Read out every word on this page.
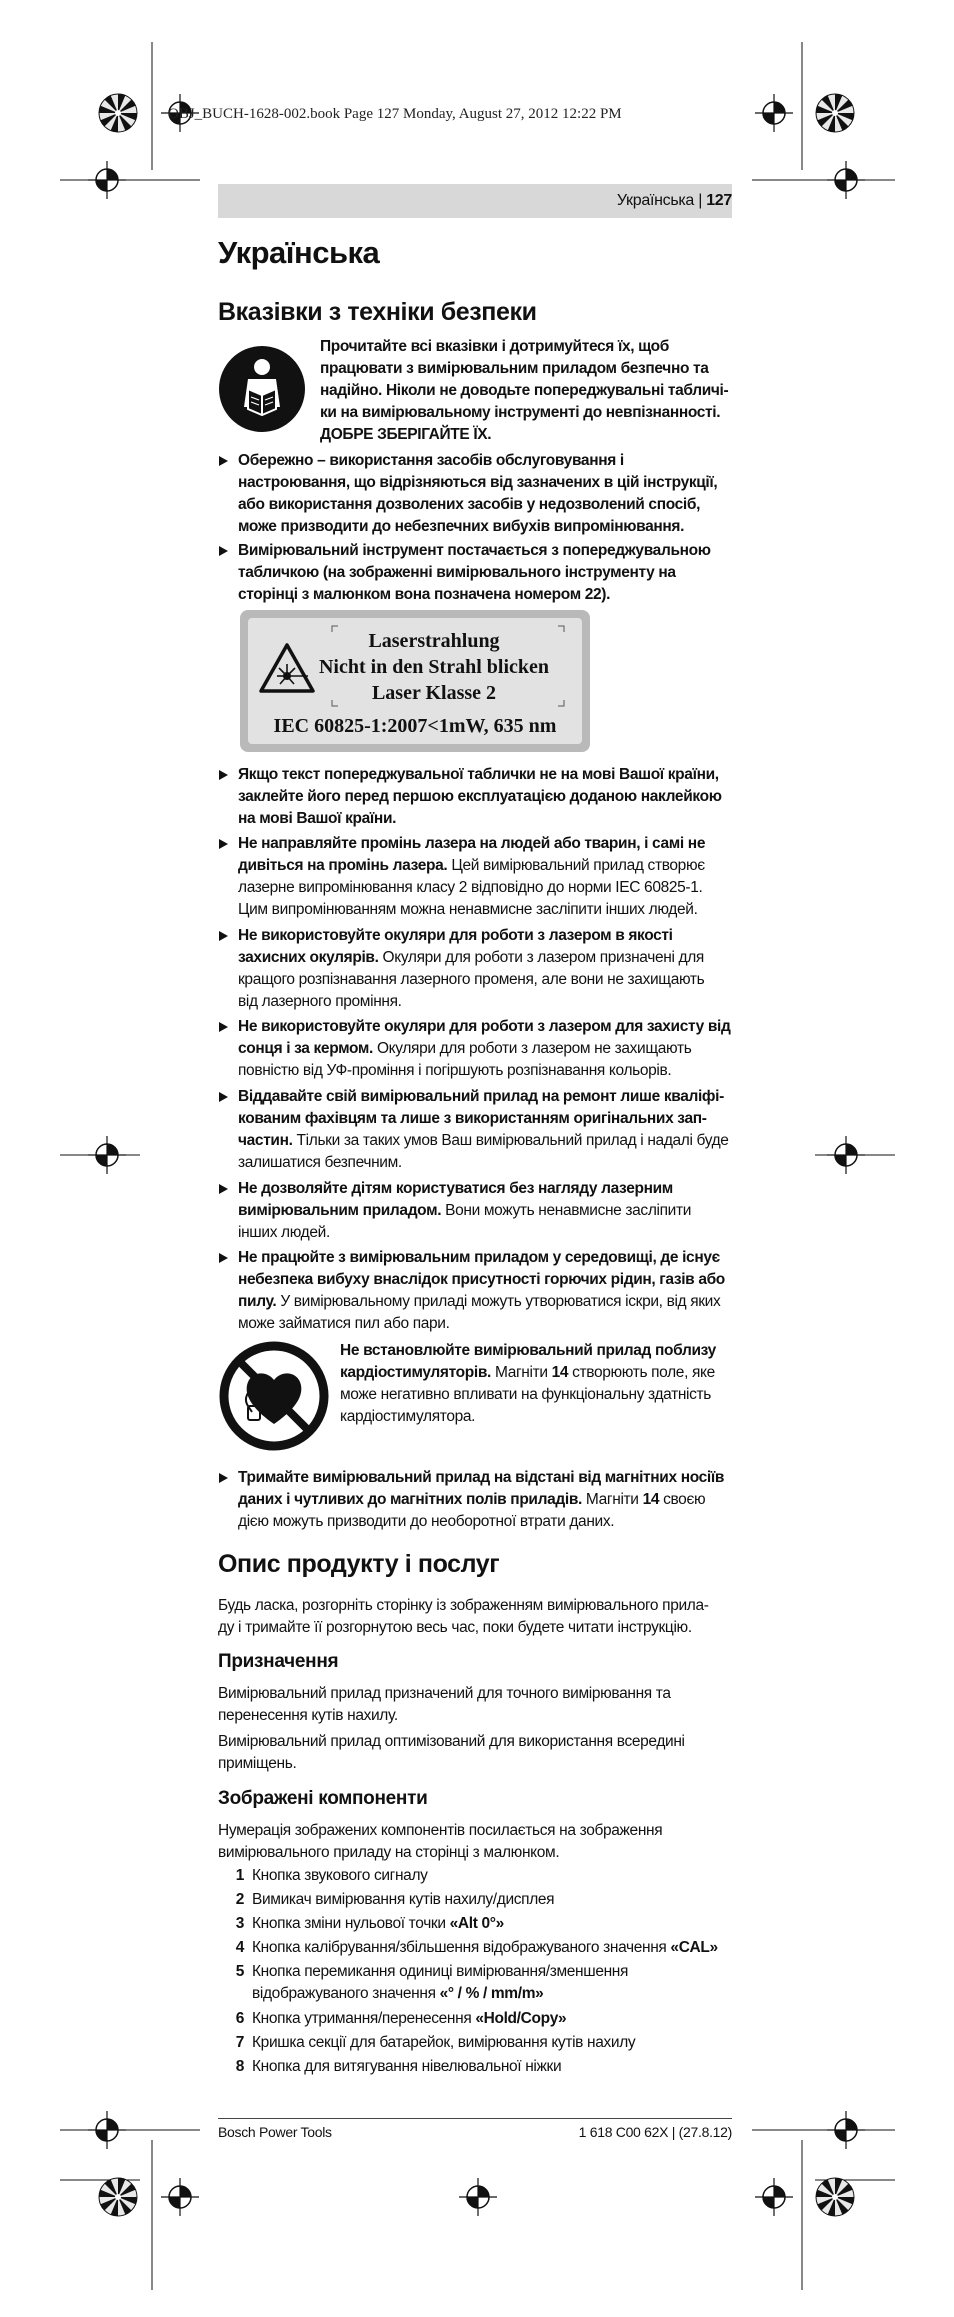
OBJ_BUCH-1628-002.book Page 127 Monday, August 27, 2012 12:22 PM
Українська | 127
Українська
Вказівки з техніки безпеки
Прочитайте всі вказівки і дотримуйтеся їх, щоб
працювати з вимірювальним приладом безпечно та
надійно. Ніколи не доводьте попереджувальні табличі-
ки на вимірювальному інструменті до невпізнанності.
ДОБРЕ ЗБЕРІГАЙТЕ ЇХ.
Обережно – використання засобів обслуговування і
настроювання, що відрізняються від зазначених в цій інструкції,
або використання дозволених засобів у недозволений спосіб,
може призводити до небезпечних вибухів випромінювання.
Вимірювальний інструмент постачається з попереджувальною
табличкою (на зображенні вимірювального інструменту на
сторінці з малюнком вона позначена номером 22).
Laserstrahlung
Nicht in den Strahl blicken
Laser Klasse 2
IEC 60825-1:2007<1mW, 635 nm
Якщо текст попереджувальної таблички не на мові Вашої країни,
заклейте його перед першою експлуатацією доданою наклейкою
на мові Вашої країни.
Не направляйте промінь лазера на людей або тварин, і самі не
дивіться на промінь лазера. Цей вимірювальний прилад створює
лазерне випромінювання класу 2 відповідно до норми IEC 60825-1.
Цим випромінюванням можна ненавмисне засліпити інших людей.
Не використовуйте окуляри для роботи з лазером в якості
захисних окулярів. Окуляри для роботи з лазером призначені для
кращого розпізнавання лазерного променя, але вони не захищають
від лазерного проміння.
Не використовуйте окуляри для роботи з лазером для захисту від
сонця і за кермом. Окуляри для роботи з лазером не захищають
повністю від УФ-проміння і погіршують розпізнавання кольорів.
Віддавайте свій вимірювальний прилад на ремонт лише кваліфі-
кованим фахівцям та лише з використанням оригінальних зап-
частин. Тільки за таких умов Ваш вимірювальний прилад і надалі буде
залишатися безпечним.
Не дозволяйте дітям користуватися без нагляду лазерним
вимірювальним приладом. Вони можуть ненавмисне засліпити
інших людей.
Не працюйте з вимірювальним приладом у середовищі, де існує
небезпека вибуху внаслідок присутності горючих рідин, газів або
пилу. У вимірювальному приладі можуть утворюватися іскри, від яких
може займатися пил або пари.
Не встановлюйте вимірювальний прилад поблизу
кардіостимуляторів. Магніти 14 створюють поле, яке
може негативно впливати на функціональну здатність
кардіостимулятора.
Тримайте вимірювальний прилад на відстані від магнітних носіїв
даних і чутливих до магнітних полів приладів. Магніти 14 своєю
дією можуть призводити до необоротної втрати даних.
Опис продукту і послуг
Будь ласка, розгорніть сторінку із зображенням вимірювального прила-
ду і тримайте її розгорнутою весь час, поки будете читати інструкцію.
Призначення
Вимірювальний прилад призначений для точного вимірювання та
перенесення кутів нахилу.
Вимірювальний прилад оптимізований для використання всередині
приміщень.
Зображені компоненти
Нумерація зображених компонентів посилається на зображення
вимірювального приладу на сторінці з малюнком.
1 Кнопка звукового сигналу
2 Вимикач вимірювання кутів нахилу/дисплея
3 Кнопка зміни нульової точки «Alt 0°»
4 Кнопка калібрування/збільшення відображуваного значення «CAL»
5 Кнопка перемикання одиниці вимірювання/зменшення
відображуваного значення «° / % / mm/m»
6 Кнопка утримання/перенесення «Hold/Copy»
7 Кришка секції для батарейок, вимірювання кутів нахилу
8 Кнопка для витягування нівелювальної ніжки
Bosch Power Tools	1 618 C00 62X | (27.8.12)
